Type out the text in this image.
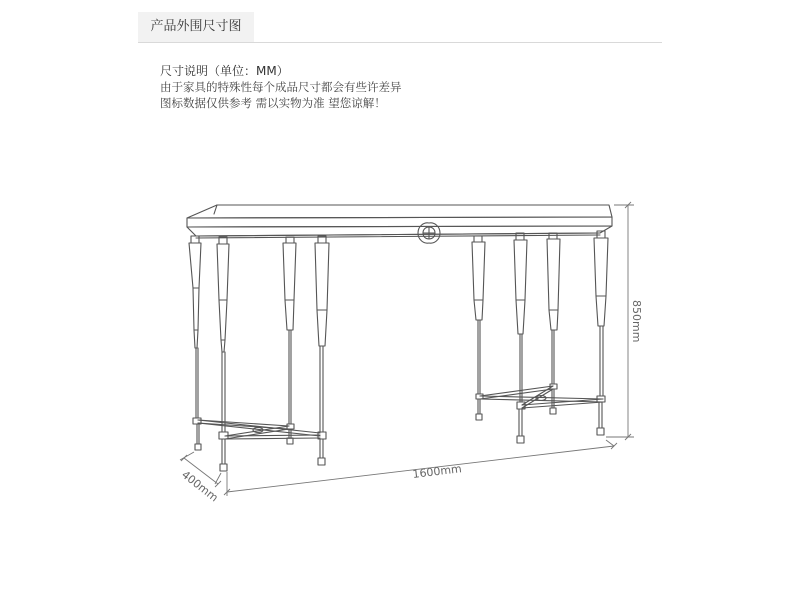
产品外围尺寸图
尺寸说明（单位：MM）
由于家具的特殊性每个成品尺寸都会有些许差异
图标数据仅供参考 需以实物为准 望您谅解！
850mm
1600mm
400mm
